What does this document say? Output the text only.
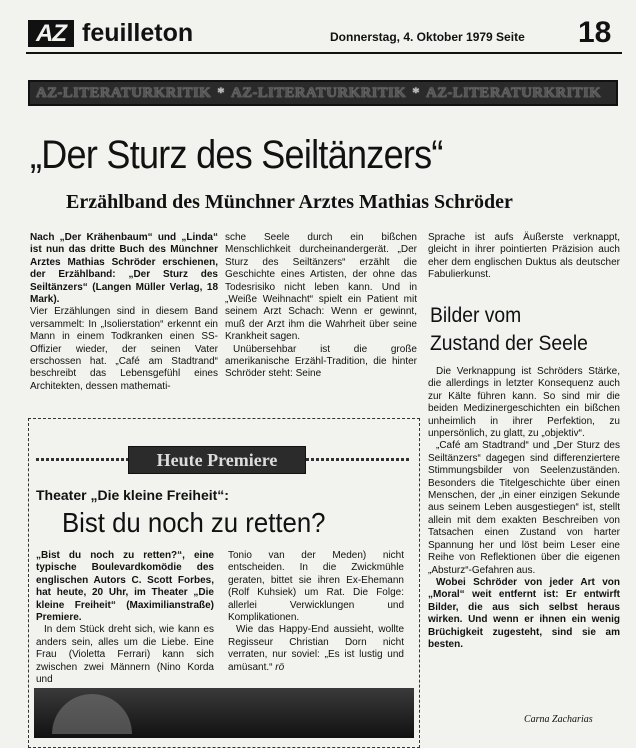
AZ feuilleton	Donnerstag, 4. Oktober 1979 Seite 18
AZ-LITERATURKRITIK * AZ-LITERATURKRITIK * AZ-LITERATURKRITIK
„Der Sturz des Seiltänzers“
Erzählband des Münchner Arztes Mathias Schröder

Nach „Der Krähenbaum“ und „Linda“ ist nun das dritte Buch des Münchner Arztes Mathias Schröder erschienen, der Erzählband: „Der Sturz des Seiltänzers“ (Langen Müller Verlag, 18 Mark).

Vier Erzählungen sind in diesem Band versammelt: In „Isolierstation“ erkennt ein Mann in einem Todkranken einen SS-Offizier wieder, der seinen Vater erschossen hat. „Café am Stadtrand“ beschreibt das Lebensgefühl eines Architekten, dessen mathemati-

sche Seele durch ein bißchen Menschlichkeit durcheinandergerät. „Der Sturz des Seiltänzers“ erzählt die Geschichte eines Artisten, der ohne das Todesrisiko nicht leben kann. Und in „Weiße Weihnacht“ spielt ein Patient mit seinem Arzt Schach: Wenn er gewinnt, muß der Arzt ihm die Wahrheit über seine Krankheit sagen.

Unübersehbar ist die große amerikanische Erzähl-Tradition, die hinter Schröder steht: Seine

Sprache ist aufs Äußerste verknappt, gleicht in ihrer pointierten Präzision auch eher dem englischen Duktus als deutscher Fabulierkunst.

Bilder vom
Zustand der Seele

Die Verknappung ist Schröders Stärke, die allerdings in letzter Konsequenz auch zur Kälte führen kann. So sind mir die beiden Medizinergeschichten ein bißchen unheimlich in ihrer Perfektion, zu unpersönlich, zu glatt, zu „objektiv“.

„Café am Stadtrand“ und „Der Sturz des Seiltänzers“ dagegen sind differenziertere Stimmungsbilder von Seelenzuständen. Besonders die Titelgeschichte über einen Menschen, der „in einer einzigen Sekunde aus seinem Leben ausgestiegen“ ist, stellt allein mit dem exakten Beschreiben von Tatsachen einen Zustand von harter Spannung her und löst beim Leser eine Reihe von Reflektionen über die eigenen „Absturz“-Gefahren aus.

Wobei Schröder von jeder Art von „Moral“ weit entfernt ist: Er entwirft Bilder, die aus sich selbst heraus wirken. Und wenn er ihnen ein wenig Brüchigkeit zugesteht, sind sie am besten.

Carna Zacharias
Heute Premiere
Theater „Die kleine Freiheit“:
Bist du noch zu retten?

„Bist du noch zu retten?“, eine typische Boulevardkomödie des englischen Autors C. Scott Forbes, hat heute, 20 Uhr, im Theater „Die kleine Freiheit“ (Maximilianstraße) Premiere.

In dem Stück dreht sich, wie kann es anders sein, alles um die Liebe. Eine Frau (Violetta Ferrari) kann sich zwischen zwei Männern (Nino Korda und

Tonio van der Meden) nicht entscheiden. In die Zwickmühle geraten, bittet sie ihren Ex-Ehemann (Rolf Kuhsiek) um Rat. Die Folge: allerlei Verwicklungen und Komplikationen.

Wie das Happy-End aussieht, wollte Regisseur Christian Dorn nicht verraten, nur soviel: „Es ist lustig und amüsant.“ rö
